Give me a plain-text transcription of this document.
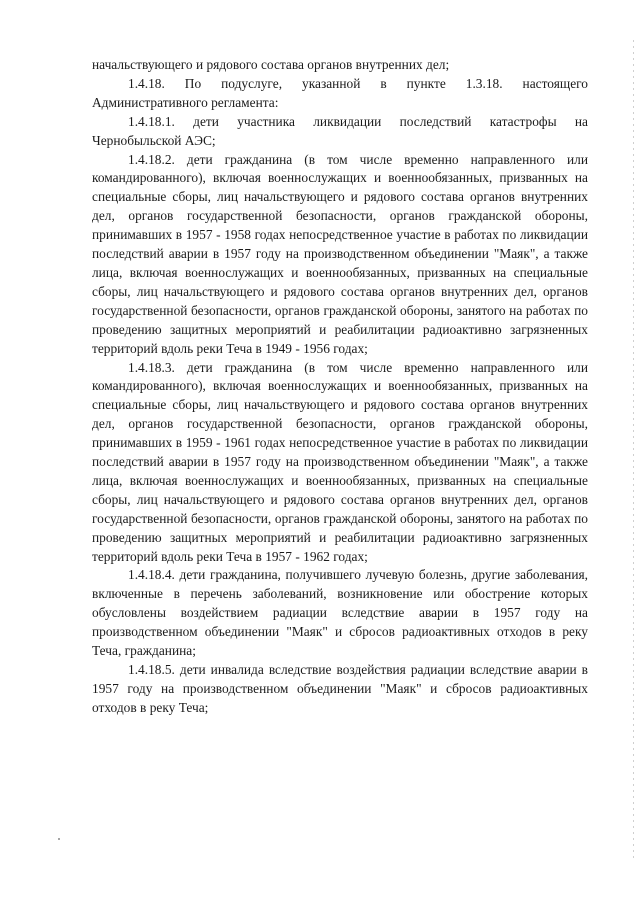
начальствующего и рядового состава органов внутренних дел;

1.4.18. По подуслуге, указанной в пункте 1.3.18. настоящего Административного регламента:

1.4.18.1. дети участника ликвидации последствий катастрофы на Чернобыльской АЭС;

1.4.18.2. дети гражданина (в том числе временно направленного или командированного), включая военнослужащих и военнообязанных, призванных на специальные сборы, лиц начальствующего и рядового состава органов внутренних дел, органов государственной безопасности, органов гражданской обороны, принимавших в 1957 - 1958 годах непосредственное участие в работах по ликвидации последствий аварии в 1957 году на производственном объединении "Маяк", а также лица, включая военнослужащих и военнообязанных, призванных на специальные сборы, лиц начальствующего и рядового состава органов внутренних дел, органов государственной безопасности, органов гражданской обороны, занятого на работах по проведению защитных мероприятий и реабилитации радиоактивно загрязненных территорий вдоль реки Теча в 1949 - 1956 годах;

1.4.18.3. дети гражданина (в том числе временно направленного или командированного), включая военнослужащих и военнообязанных, призванных на специальные сборы, лиц начальствующего и рядового состава органов внутренних дел, органов государственной безопасности, органов гражданской обороны, принимавших в 1959 - 1961 годах непосредственное участие в работах по ликвидации последствий аварии в 1957 году на производственном объединении "Маяк", а также лица, включая военнослужащих и военнообязанных, призванных на специальные сборы, лиц начальствующего и рядового состава органов внутренних дел, органов государственной безопасности, органов гражданской обороны, занятого на работах по проведению защитных мероприятий и реабилитации радиоактивно загрязненных территорий вдоль реки Теча в 1957 - 1962 годах;

1.4.18.4. дети гражданина, получившего лучевую болезнь, другие заболевания, включенные в перечень заболеваний, возникновение или обострение которых обусловлены воздействием радиации вследствие аварии в 1957 году на производственном объединении "Маяк" и сбросов радиоактивных отходов в реку Теча, гражданина;

1.4.18.5. дети инвалида вследствие воздействия радиации вследствие аварии в 1957 году на производственном объединении "Маяк" и сбросов радиоактивных отходов в реку Теча;
